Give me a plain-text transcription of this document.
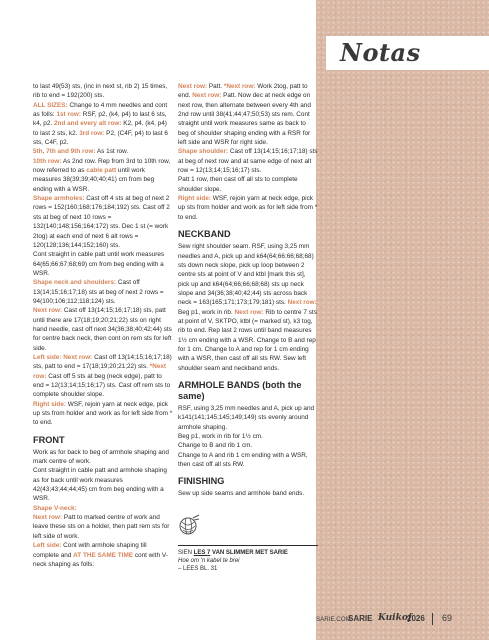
Notas

to last 49(53) sts, (inc in next st, rib 2) 15 times, rib to end = 192(200) sts.

ALL SIZES: Change to 4 mm needles and cont as folls: 1st row: RSF, p2, (k4, p4) to last 6 sts, k4, p2. 2nd and every alt row: K2, p4, (k4, p4) to last 2 sts, k2. 3rd row: P2, (C4F, p4) to last 6 sts, C4F, p2.

5th, 7th and 9th row: As 1st row.

10th row: As 2nd row. Rep from 3rd to 10th row, now referred to as cable patt until work measures 38(39;39;40;40;41) cm from beg ending with a WSR.

Shape armholes: Cast off 4 sts at beg of next 2 rows = 152(160;168;176;184;192) sts. Cast off 2 sts at beg of next 10 rows = 132(140;148;156;164;172) sts. Dec 1 st (= work 2tog) at each end of next 6 alt rows = 120(128;136;144;152;160) sts.

Cont straight in cable patt until work measures 64(65;66;67;68;69) cm from beg ending with a WSR.

Shape neck and shoulders: Cast off 13(14;15;16;17;18) sts at beg of next 2 rows = 94(100;106;112;118;124) sts.

Next row: Cast off 13(14;15;16;17;18) sts, patt until there are 17(18;19;20;21;22) sts on right hand needle, cast off next 34(36;38;40;42;44) sts for centre back neck, then cont on rem sts for left side.

Left side: Next row: Cast off 13(14;15;16;17;18) sts, patt to end = 17(18;19;20;21;22) sts. *Next row: Cast off 5 sts at beg (neck edge), patt to end = 12(13;14;15;16;17) sts. Cast off rem sts to complete shoulder slope.

Right side: WSF, rejoin yarn at neck edge, pick up sts from holder and work as for left side from * to end.

FRONT

Work as for back to beg of armhole shaping and mark centre of work.

Cont straight in cable patt and armhole shaping as for back until work measures 42(43;43;44;44;45) cm from beg ending with a WSR.

Shape V-neck:

Next row: Patt to marked centre of work and leave these sts on a holder, then patt rem sts for left side of work.

Left side: Cont with armhole shaping till complete and AT THE SAME TIME cont with V-neck shaping as folls:

Next row: Patt. *Next row: Work 2tog, patt to end. Next row: Patt. Now dec at neck edge on next row, then alternate between every 4th and 2nd row until 38(41;44;47;50;53) sts rem. Cont straight until work measures same as back to beg of shoulder shaping ending with a RSR for left side and WSR for right side.

Shape shoulder: Cast off 13(14;15;16;17;18) sts at beg of next row and at same edge of next alt row = 12(13;14;15;16;17) sts.

Patt 1 row, then cast off all sts to complete shoulder slope.

Right side: WSF, rejoin yarn at neck edge, pick up sts from holder and work as for left side from * to end.

NECKBAND

Sew right shoulder seam. RSF, using 3,25 mm needles and A, pick up and k64(64;66;66;68;68) sts down neck slope, pick up loop between 2 centre sts at point of V and ktbl [mark this st], pick up and k64(64;66;66;68;68) sts up neck slope and 34(36;38;40;42;44) sts across back neck = 163(165;171;173;179;181) sts. Next row: Beg p1, work in rib. Next row: Rib to centre 7 sts at point of V, SKTPO, ktbl (= marked st), k3 tog, rib to end. Rep last 2 rows until band measures 1½ cm ending with a WSR. Change to B and rep for 1 cm. Change to A and rep for 1 cm ending with a WSR, then cast off all sts RW. Sew left shoulder seam and neckband ends.

ARMHOLE BANDS (both the same)

RSF, using 3,25 mm needles and A, pick up and k141(141;145;145;149;149) sts evenly around armhole shaping.

Beg p1, work in rib for 1½ cm.

Change to B and rib 1 cm.

Change to A and rib 1 cm ending with a WSR, then cast off all sts RW.

FINISHING

Sew up side seams and armhole band ends.

SIEN LES 7 VAN SLIMMER MET SARIE
Hoe om 'n kabel te brei
– LEES BL. 31
SARIE.COM
SARIE Kuikof
2026 69
